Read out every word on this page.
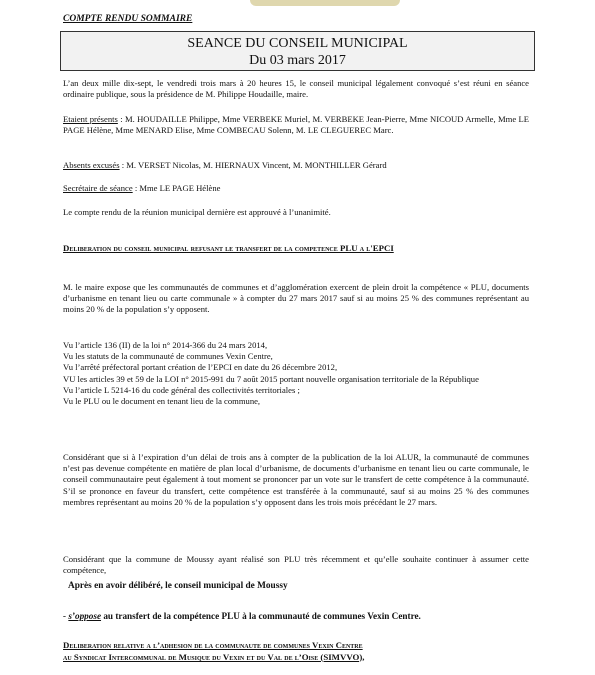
COMPTE RENDU SOMMAIRE
SEANCE DU CONSEIL MUNICIPAL
Du 03 mars 2017

L’an deux mille dix-sept, le vendredi trois mars à 20 heures 15, le conseil municipal légalement convoqué s’est réuni en séance ordinaire publique, sous la présidence de M. Philippe Houdaille, maire.

Etaient présents : M. HOUDAILLE Philippe, Mme VERBEKE Muriel, M. VERBEKE Jean-Pierre, Mme NICOUD Armelle, Mme LE PAGE Hélène, Mme MENARD Elise, Mme COMBECAU Solenn, M. LE CLEGUEREC Marc.

Absents excusés : M. VERSET Nicolas, M. HIERNAUX Vincent, M. MONTHILLER Gérard

Secrétaire de séance : Mme LE PAGE Hélène

Le compte rendu de la réunion municipal dernière est approuvé à l’unanimité.

Deliberation du conseil municipal refusant le transfert de la competence PLU a l'EPCI

M. le maire expose que les communautés de communes et d’agglomération exercent de plein droit la compétence « PLU, documents d’urbanisme en tenant lieu ou carte communale » à compter du 27 mars 2017 sauf si au moins 25 % des communes représentant au moins 20 % de la population s’y opposent.

Vu l’article 136 (II) de la loi n° 2014-366 du 24 mars 2014,
Vu les statuts de la communauté de communes Vexin Centre,
Vu l’arrêté préfectoral portant création de l’EPCI en date du 26 décembre 2012,
VU les articles 39 et 59 de la LOI n° 2015-991 du 7 août 2015 portant nouvelle organisation territoriale de la République
Vu l’article L 5214-16 du code général des collectivités territoriales ;
Vu le PLU ou le document en tenant lieu de la commune,

Considérant que si à l’expiration d’un délai de trois ans à compter de la publication de la loi ALUR, la communauté de communes n’est pas devenue compétente en matière de plan local d’urbanisme, de documents d’urbanisme en tenant lieu ou carte communale, le conseil communautaire peut également à tout moment se prononcer par un vote sur le transfert de cette compétence à la communauté. S’il se prononce en faveur du transfert, cette compétence est transférée à la communauté, sauf si au moins 25 % des communes membres représentant au moins 20 % de la population s’y opposent dans les trois mois précédant le 27 mars.

Considérant que la commune de Moussy ayant réalisé son PLU très récemment et qu’elle souhaite continuer à assumer cette compétence,

Après en avoir délibéré, le conseil municipal de Moussy

- s’oppose au transfert de la compétence PLU à la communauté de communes Vexin Centre.

Deliberation relative a l’adhesion de la communaute de communes Vexin Centre
au Syndicat Intercommunal de Musique du Vexin et du Val de l’Oise (SIMVVO),
